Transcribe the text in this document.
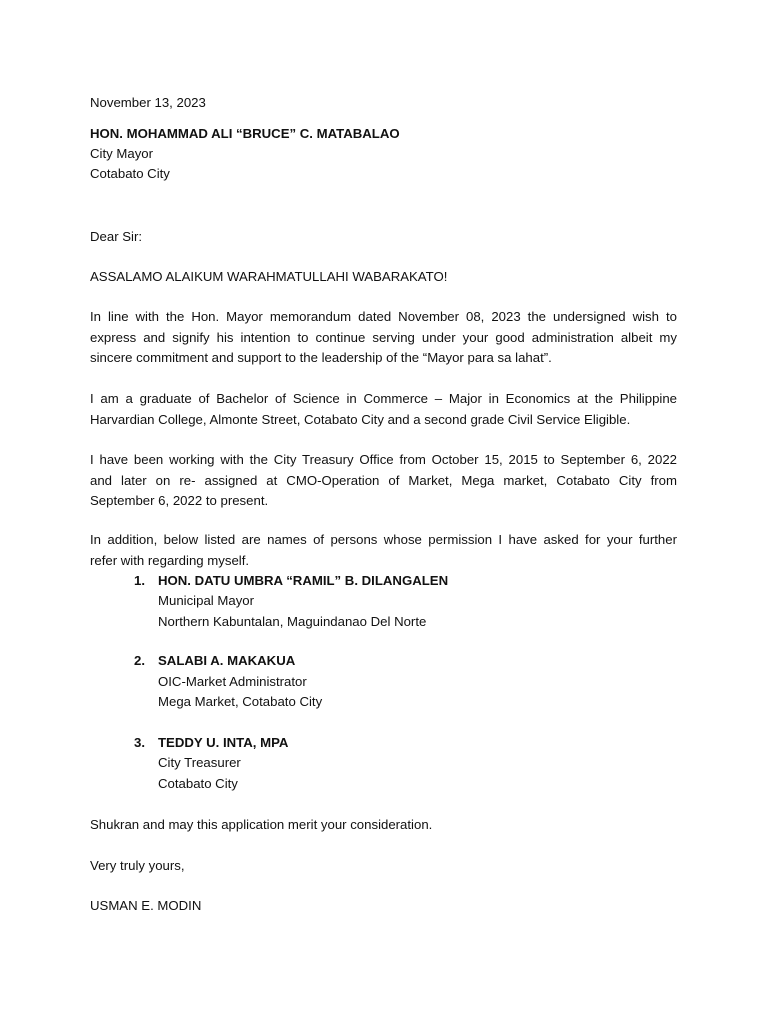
November 13, 2023
HON. MOHAMMAD ALI “BRUCE” C. MATABALAO
City Mayor
Cotabato City
Dear Sir:
ASSALAMO ALAIKUM WARAHMATULLAHI WABARAKATO!
In line with the Hon. Mayor memorandum dated November 08, 2023 the undersigned wish to
express and signify his intention to continue serving under your good administration albeit my
sincere commitment and support to the leadership of the “Mayor para sa lahat”.
I am a graduate of Bachelor of Science in Commerce – Major in Economics at the Philippine
Harvardian College, Almonte Street, Cotabato City and a second grade Civil Service Eligible.
I have been working with the City Treasury Office from October 15, 2015 to September 6, 2022
and later on re- assigned at CMO-Operation of Market, Mega market, Cotabato City from
September 6, 2022 to present.
In addition, below listed are names of persons whose permission I have asked for your further
refer with regarding myself.
1. HON. DATU UMBRA “RAMIL” B. DILANGALEN
Municipal Mayor
Northern Kabuntalan, Maguindanao Del Norte
2. SALABI A. MAKAKUA
OIC-Market Administrator
Mega Market, Cotabato City
3. TEDDY U. INTA, MPA
City Treasurer
Cotabato City
Shukran and may this application merit your consideration.
Very truly yours,
USMAN E. MODIN
